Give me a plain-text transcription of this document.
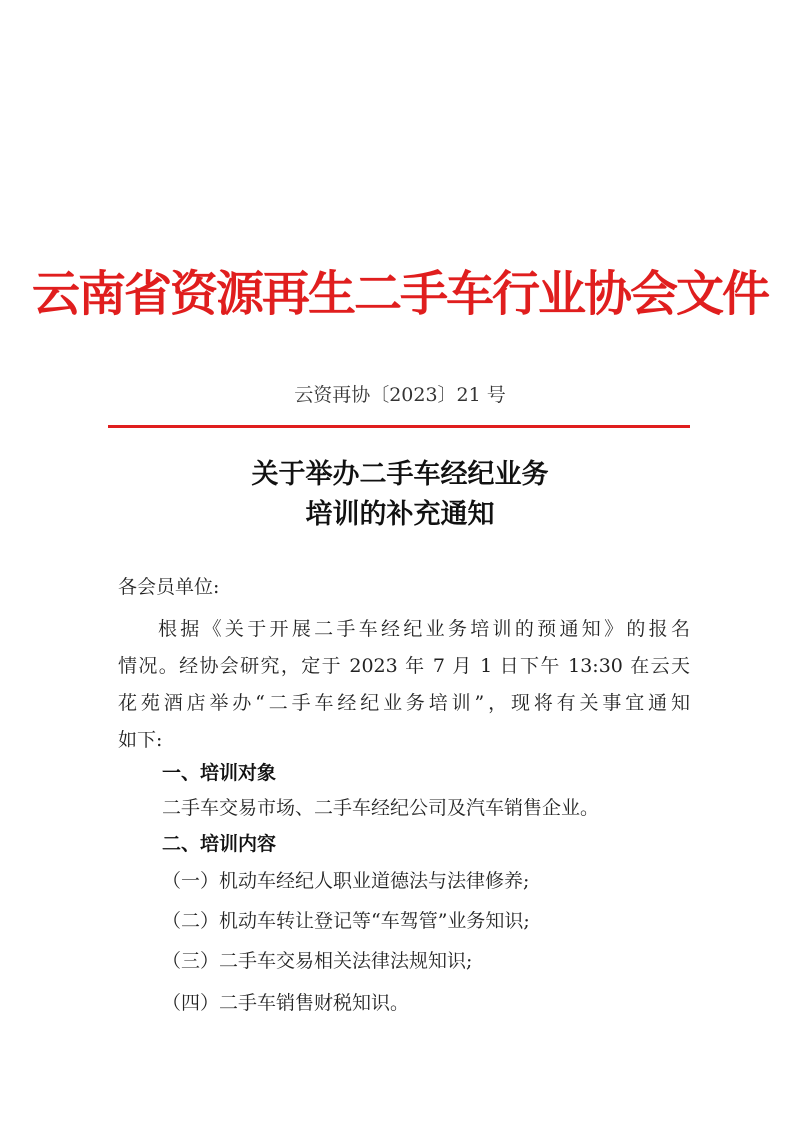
云南省资源再生二手车行业协会文件
云资再协〔2023〕21 号
关于举办二手车经纪业务
培训的补充通知
各会员单位:
根据《关于开展二手车经纪业务培训的预通知》的报名
情况。经协会研究，定于 2023 年 7 月 1 日下午 13:30 在云天
花苑酒店举办“二手车经纪业务培训”，现将有关事宜通知
如下:
一、培训对象
二手车交易市场、二手车经纪公司及汽车销售企业。
二、培训内容
（一）机动车经纪人职业道德法与法律修养;
（二）机动车转让登记等“车驾管”业务知识;
（三）二手车交易相关法律法规知识;
（四）二手车销售财税知识。
